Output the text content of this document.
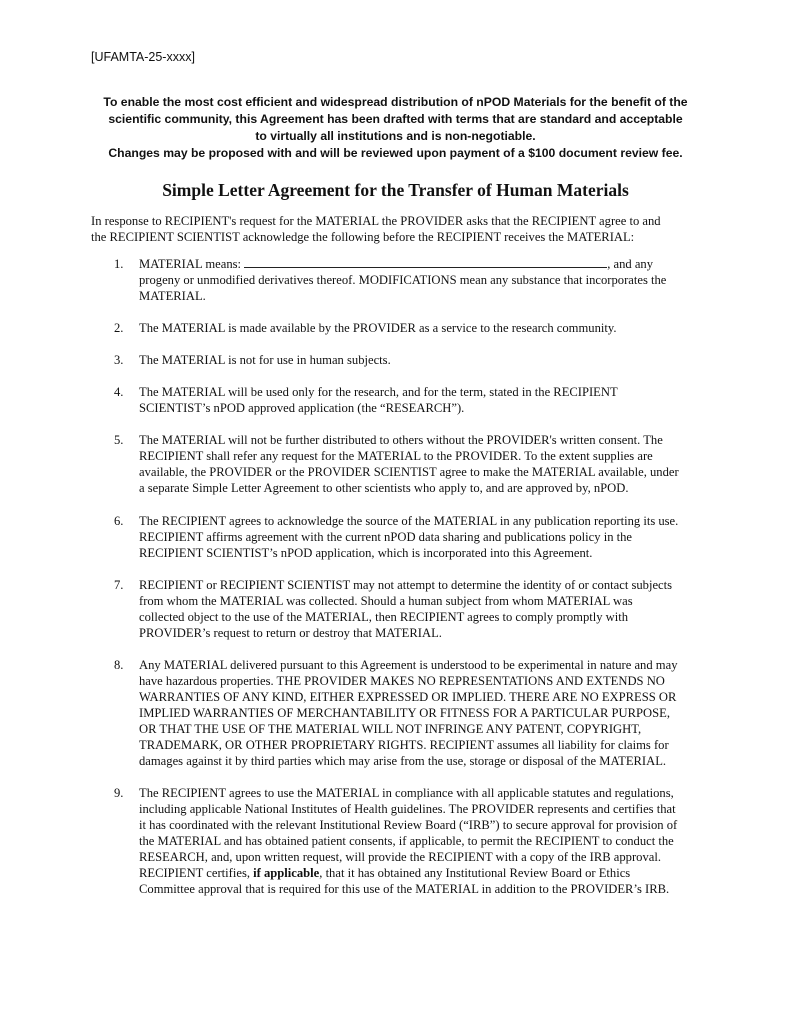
[UFAMTA-25-xxxx]
To enable the most cost efficient and widespread distribution of nPOD Materials for the benefit of the
scientific community, this Agreement has been drafted with terms that are standard and acceptable
to virtually all institutions and is non-negotiable.
Changes may be proposed with and will be reviewed upon payment of a $100 document review fee.
Simple Letter Agreement for the Transfer of Human Materials
In response to RECIPIENT's request for the MATERIAL the PROVIDER asks that the RECIPIENT agree to and
the RECIPIENT SCIENTIST acknowledge the following before the RECIPIENT receives the MATERIAL:
1. MATERIAL means:	, and any
progeny or unmodified derivatives thereof. MODIFICATIONS mean any substance that incorporates the
MATERIAL.
2. The MATERIAL is made available by the PROVIDER as a service to the research community.
3. The MATERIAL is not for use in human subjects.
4. The MATERIAL will be used only for the research, and for the term, stated in the RECIPIENT
SCIENTIST’s nPOD approved application (the “RESEARCH”).
5. The MATERIAL will not be further distributed to others without the PROVIDER's written consent. The
RECIPIENT shall refer any request for the MATERIAL to the PROVIDER. To the extent supplies are
available, the PROVIDER or the PROVIDER SCIENTIST agree to make the MATERIAL available, under
a separate Simple Letter Agreement to other scientists who apply to, and are approved by, nPOD.
6. The RECIPIENT agrees to acknowledge the source of the MATERIAL in any publication reporting its use.
RECIPIENT affirms agreement with the current nPOD data sharing and publications policy in the
RECIPIENT SCIENTIST’s nPOD application, which is incorporated into this Agreement.
7. RECIPIENT or RECIPIENT SCIENTIST may not attempt to determine the identity of or contact subjects
from whom the MATERIAL was collected. Should a human subject from whom MATERIAL was
collected object to the use of the MATERIAL, then RECIPIENT agrees to comply promptly with
PROVIDER’s request to return or destroy that MATERIAL.
8. Any MATERIAL delivered pursuant to this Agreement is understood to be experimental in nature and may
have hazardous properties. THE PROVIDER MAKES NO REPRESENTATIONS AND EXTENDS NO
WARRANTIES OF ANY KIND, EITHER EXPRESSED OR IMPLIED. THERE ARE NO EXPRESS OR
IMPLIED WARRANTIES OF MERCHANTABILITY OR FITNESS FOR A PARTICULAR PURPOSE,
OR THAT THE USE OF THE MATERIAL WILL NOT INFRINGE ANY PATENT, COPYRIGHT,
TRADEMARK, OR OTHER PROPRIETARY RIGHTS. RECIPIENT assumes all liability for claims for
damages against it by third parties which may arise from the use, storage or disposal of the MATERIAL.
9. The RECIPIENT agrees to use the MATERIAL in compliance with all applicable statutes and regulations,
including applicable National Institutes of Health guidelines. The PROVIDER represents and certifies that
it has coordinated with the relevant Institutional Review Board (“IRB”) to secure approval for provision of
the MATERIAL and has obtained patient consents, if applicable, to permit the RECIPIENT to conduct the
RESEARCH, and, upon written request, will provide the RECIPIENT with a copy of the IRB approval.
RECIPIENT certifies, if applicable, that it has obtained any Institutional Review Board or Ethics
Committee approval that is required for this use of the MATERIAL in addition to the PROVIDER’s IRB.
